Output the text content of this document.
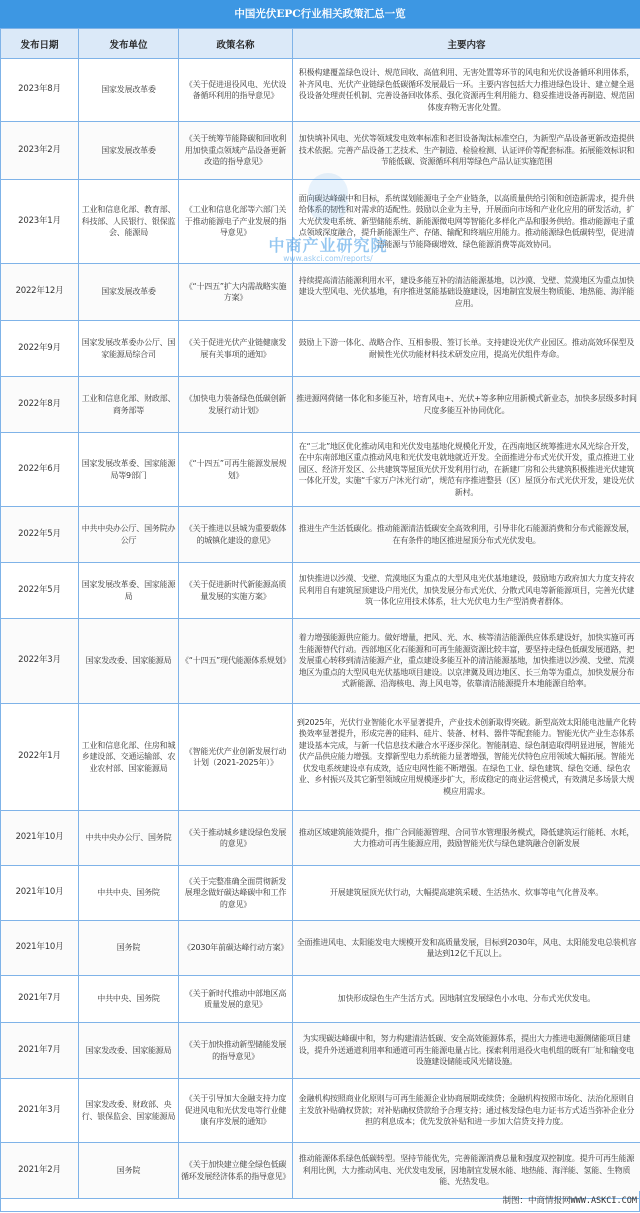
中国光伏EPC行业相关政策汇总一览
发布日期	发布单位	政策名称	主要内容
2023年8月	国家发展改革委	《关于促进退役风电、光伏设备循环利用的指导意见》	积极构建覆盖绿色设计、规范回收、高值利用、无害处置等环节的风电和光伏设备循环利用体系，补齐风电、光伏产业链绿色低碳循环发展最后一环。主要内容包括大力推进绿色设计、建立健全退役设备处理责任机制、完善设备回收体系、强化资源再生利用能力、稳妥推进设备再制造、规范固体废弃物无害化处置。
2023年2月	国家发展改革委	《关于统筹节能降碳和回收利用加快重点领域产品设备更新改造的指导意见》	加快填补风电、光伏等领域发电效率标准和老旧设备淘汰标准空白，为新型产品设备更新改造提供技术依据。完善产品设备工艺技术、生产制造、检验检测、认证评价等配套标准。拓展能效标识和节能低碳、资源循环利用等绿色产品认证实施范围
2023年1月	工业和信息化部、教育部、科技部、人民银行、银保监会、能源局	《工业和信息化部等六部门关于推动能源电子产业发展的指导意见》	面向碳达峰碳中和目标，系统谋划能源电子全产业链条，以高质量供给引领和创造新需求，提升供给体系的韧性和对需求的适配性。鼓励以企业为主导，开展面向市场和产业化应用的研发活动，扩大光伏发电系统、新型储能系统、新能源微电网等智能化多样化产品和服务供给。推动能源电子重点领域深度融合，提升新能源生产、存储、输配和终端应用能力。推动能源绿色低碳转型，促进清洁能源与节能降碳增效、绿色能源消费等高效协同。
2022年12月	国家发展改革委	《“十四五”扩大内需战略实施方案》	持续提高清洁能源利用水平，建设多能互补的清洁能源基地，以沙漠、戈壁、荒漠地区为重点加快建设大型风电、光伏基地，有序推进氢能基础设施建设，因地制宜发展生物质能、地热能、海洋能应用。
2022年9月	国家发展改革委办公厅、国家能源局综合司	《关于促进光伏产业链健康发展有关事项的通知》	鼓励上下游一体化、战略合作、互相参股、签订长单。支持建设光伏产业园区。推动高效环保型及耐候性光伏功能材料技术研发应用，提高光伏组件寿命。
2022年8月	工业和信息化部、财政部、商务部等	《加快电力装备绿色低碳创新发展行动计划》	推进源网荷储一体化和多能互补，培育风电+、光伏+等多种应用新模式新业态，加快多层级多时间尺度多能互补协同优化。
2022年6月	国家发展改革委、国家能源局等9部门	《“十四五”可再生能源发展规划》	在“三北”地区优化推动风电和光伏发电基地化规模化开发，在西南地区统筹推进水风光综合开发，在中东南部地区重点推动风电和光伏发电就地就近开发。全面推进分布式光伏开发，重点推进工业园区、经济开发区、公共建筑等屋顶光伏开发利用行动，在新建厂房和公共建筑积极推进光伏建筑一体化开发，实施“千家万户沐光行动”，规范有序推进整县（区）屋顶分布式光伏开发，建设光伏新村。
2022年5月	中共中央办公厅、国务院办公厅	《关于推进以县城为重要载体的城镇化建设的意见》	推进生产生活低碳化。推动能源清洁低碳安全高效利用，引导非化石能源消费和分布式能源发展，在有条件的地区推进屋顶分布式光伏发电。
2022年5月	国家发展改革委、国家能源局	《关于促进新时代新能源高质量发展的实施方案》	加快推进以沙漠、戈壁、荒漠地区为重点的大型风电光伏基地建设，鼓励地方政府加大力度支持农民利用自有建筑屋顶建设户用光伏，加快发展分布式光伏、分散式风电等新能源项目，完善光伏建筑一体化应用技术体系，壮大光伏电力生产型消费者群体。
2022年3月	国家发改委、国家能源局	《“十四五”现代能源体系规划》	着力增强能源供应能力。做好增量，把风、光、水、核等清洁能源供应体系建设好，加快实施可再生能源替代行动。西部地区化石能源和可再生能源资源比较丰富，要坚持走绿色低碳发展道路，把发展重心转移到清洁能源产业，重点建设多能互补的清洁能源基地，加快推进以沙漠、戈壁、荒漠地区为重点的大型风电光伏基地项目建设。以京津冀及周边地区、长三角等为重点，加快发展分布式新能源、沿海核电、海上风电等，依靠清洁能源提升本地能源自给率。
2022年1月	工业和信息化部、住房和城乡建设部、交通运输部、农业农村部、国家能源局	《智能光伏产业创新发展行动计划（2021-2025年）》	到2025年，光伏行业智能化水平显著提升，产业技术创新取得突破。新型高效太阳能电池量产化转换效率显著提升，形成完善的硅料、硅片、装备、材料、器件等配套能力。智能光伏产业生态体系建设基本完成，与新一代信息技术融合水平逐步深化。智能制造、绿色制造取得明显进展，智能光伏产品供应能力增强。支撑新型电力系统能力显著增强，智能光伏特色应用领域大幅拓展。智能光伏发电系统建设卓有成效，适应电网性能不断增强。在绿色工业、绿色建筑、绿色交通、绿色农业、乡村振兴及其它新型领域应用规模逐步扩大，形成稳定的商业运营模式，有效满足多场景大规模应用需求。
2021年10月	中共中央办公厅、国务院	《关于推动城乡建设绿色发展的意见》	推动区域建筑能效提升，推广合同能源管理、合同节水管理服务模式，降低建筑运行能耗、水耗，大力推动可再生能源应用，鼓励智能光伏与绿色建筑融合创新发展
2021年10月	中共中央、国务院	《关于完整准确全面贯彻新发展理念做好碳达峰碳中和工作的意见》	开展建筑屋顶光伏行动，大幅提高建筑采暖、生活热水、炊事等电气化普及率。
2021年10月	国务院	《2030年前碳达峰行动方案》	全面推进风电、太阳能发电大规模开发和高质量发展，目标到2030年，风电、太阳能发电总装机容量达到12亿千瓦以上。
2021年7月	中共中央、国务院	《关于新时代推动中部地区高质量发展的意见》	加快形成绿色生产生活方式。因地制宜发展绿色小水电、分布式光伏发电。
2021年7月	国家发改委、国家能源局	《关于加快推动新型储能发展的指导意见》	为实现碳达峰碳中和，努力构建清洁低碳、安全高效能源体系，提出大力推进电源侧储能项目建设，提升外送通道利用率和通道可再生能源电量占比。探索利用退役火电机组的既有厂址和输变电设施建设储能或风光储设施。
2021年3月	国家发改委、财政部、央行、银保监会、国家能源局	《关于引导加大金融支持力度促进风电和光伏发电等行业健康有序发展的通知》	金融机构按照商业化原则与可再生能源企业协商展期或续贷；金融机构按照市场化、法治化原则自主发放补贴确权贷款；对补贴确权贷款给予合理支持；通过核发绿色电力证书方式适当弥补企业分担的利息成本；优先发放补贴和进一步加大信贷支持力度。
2021年2月	国务院	《关于加快建立健全绿色低碳循环发展经济体系的指导意见》	推动能源体系绿色低碳转型。坚持节能优先，完善能源消费总量和强度双控制度。提升可再生能源利用比例，大力推动风电、光伏发电发展，因地制宜发展水能、地热能、海洋能、氢能、生物质能、光热发电。
中商产业研究院
www.askci.com/reports/
制图：中商情报网WWW.ASKCI.COM
